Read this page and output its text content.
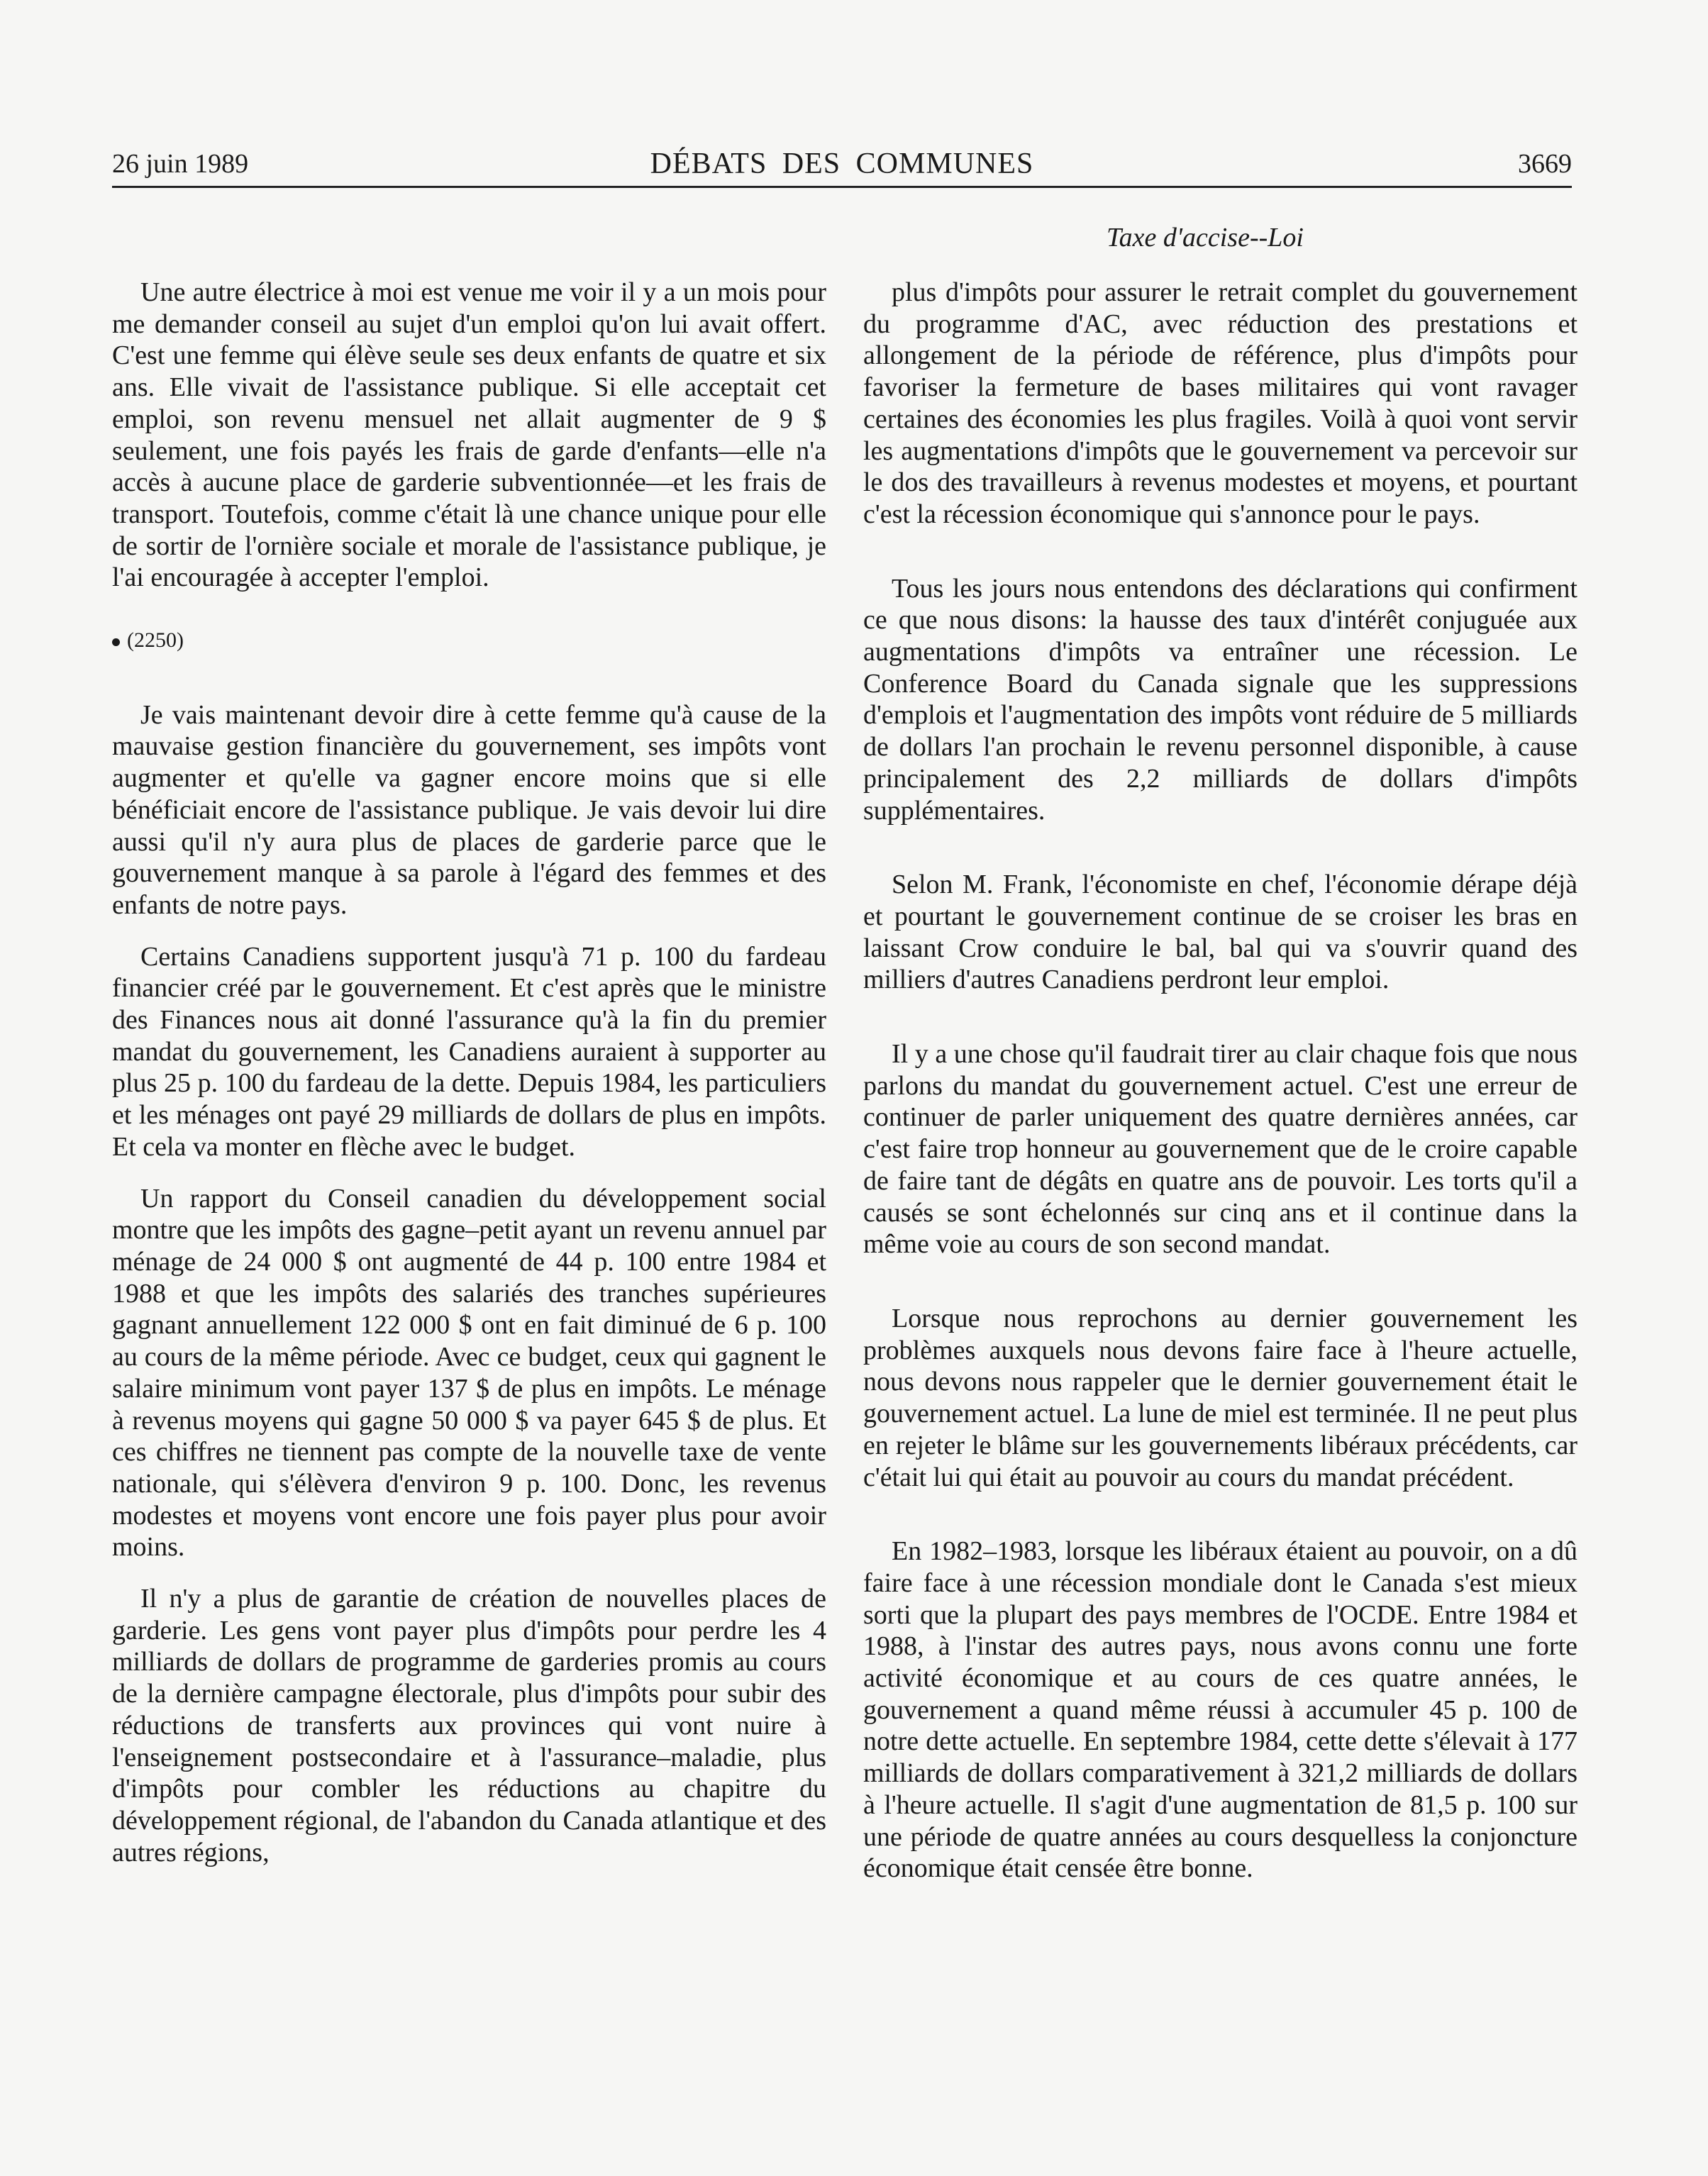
26 juin 1989	DÉBATS DES COMMUNES	3669
Taxe d'accise--Loi

Une autre électrice à moi est venue me voir il y a un mois pour me demander conseil au sujet d'un emploi qu'on lui avait offert. C'est une femme qui élève seule ses deux enfants de quatre et six ans. Elle vivait de l'assistance publique. Si elle acceptait cet emploi, son revenu mensuel net allait augmenter de 9 $ seulement, une fois payés les frais de garde d'enfants—elle n'a accès à aucune place de garderie subventionnée—et les frais de transport. Toutefois, comme c'était là une chance unique pour elle de sortir de l'ornière sociale et morale de l'assistance publique, je l'ai encouragée à accepter l'emploi.

(2250)

Je vais maintenant devoir dire à cette femme qu'à cause de la mauvaise gestion financière du gouvernement, ses impôts vont augmenter et qu'elle va gagner encore moins que si elle bénéficiait encore de l'assistance publique. Je vais devoir lui dire aussi qu'il n'y aura plus de places de garderie parce que le gouvernement manque à sa parole à l'égard des femmes et des enfants de notre pays.

Certains Canadiens supportent jusqu'à 71 p. 100 du fardeau financier créé par le gouvernement. Et c'est après que le ministre des Finances nous ait donné l'assurance qu'à la fin du premier mandat du gouvernement, les Canadiens auraient à supporter au plus 25 p. 100 du fardeau de la dette. Depuis 1984, les particuliers et les ménages ont payé 29 milliards de dollars de plus en impôts. Et cela va monter en flèche avec le budget.

Un rapport du Conseil canadien du développement social montre que les impôts des gagne–petit ayant un revenu annuel par ménage de 24 000 $ ont augmenté de 44 p. 100 entre 1984 et 1988 et que les impôts des salariés des tranches supérieures gagnant annuellement 122 000 $ ont en fait diminué de 6 p. 100 au cours de la même période. Avec ce budget, ceux qui gagnent le salaire minimum vont payer 137 $ de plus en impôts. Le ménage à revenus moyens qui gagne 50 000 $ va payer 645 $ de plus. Et ces chiffres ne tiennent pas compte de la nouvelle taxe de vente nationale, qui s'élèvera d'environ 9 p. 100. Donc, les revenus modestes et moyens vont encore une fois payer plus pour avoir moins.

Il n'y a plus de garantie de création de nouvelles places de garderie. Les gens vont payer plus d'impôts pour perdre les 4 milliards de dollars de programme de garderies promis au cours de la dernière campagne électorale, plus d'impôts pour subir des réductions de transferts aux provinces qui vont nuire à l'enseignement postsecondaire et à l'assurance–maladie, plus d'impôts pour combler les réductions au chapitre du développement régional, de l'abandon du Canada atlantique et des autres régions,

plus d'impôts pour assurer le retrait complet du gouvernement du programme d'AC, avec réduction des prestations et allongement de la période de référence, plus d'impôts pour favoriser la fermeture de bases militaires qui vont ravager certaines des économies les plus fragiles. Voilà à quoi vont servir les augmentations d'impôts que le gouvernement va percevoir sur le dos des travailleurs à revenus modestes et moyens, et pourtant c'est la récession économique qui s'annonce pour le pays.

Tous les jours nous entendons des déclarations qui confirment ce que nous disons: la hausse des taux d'intérêt conjuguée aux augmentations d'impôts va entraîner une récession. Le Conference Board du Canada signale que les suppressions d'emplois et l'augmentation des impôts vont réduire de 5 milliards de dollars l'an prochain le revenu personnel disponible, à cause principalement des 2,2 milliards de dollars d'impôts supplémentaires.

Selon M. Frank, l'économiste en chef, l'économie dérape déjà et pourtant le gouvernement continue de se croiser les bras en laissant Crow conduire le bal, bal qui va s'ouvrir quand des milliers d'autres Canadiens perdront leur emploi.

Il y a une chose qu'il faudrait tirer au clair chaque fois que nous parlons du mandat du gouvernement actuel. C'est une erreur de continuer de parler uniquement des quatre dernières années, car c'est faire trop honneur au gouvernement que de le croire capable de faire tant de dégâts en quatre ans de pouvoir. Les torts qu'il a causés se sont échelonnés sur cinq ans et il continue dans la même voie au cours de son second mandat.

Lorsque nous reprochons au dernier gouvernement les problèmes auxquels nous devons faire face à l'heure actuelle, nous devons nous rappeler que le dernier gouvernement était le gouvernement actuel. La lune de miel est terminée. Il ne peut plus en rejeter le blâme sur les gouvernements libéraux précédents, car c'était lui qui était au pouvoir au cours du mandat précédent.

En 1982–1983, lorsque les libéraux étaient au pouvoir, on a dû faire face à une récession mondiale dont le Canada s'est mieux sorti que la plupart des pays membres de l'OCDE. Entre 1984 et 1988, à l'instar des autres pays, nous avons connu une forte activité économique et au cours de ces quatre années, le gouvernement a quand même réussi à accumuler 45 p. 100 de notre dette actuelle. En septembre 1984, cette dette s'élevait à 177 milliards de dollars comparativement à 321,2 milliards de dollars à l'heure actuelle. Il s'agit d'une augmentation de 81,5 p. 100 sur une période de quatre années au cours desquelless la conjoncture économique était censée être bonne.
